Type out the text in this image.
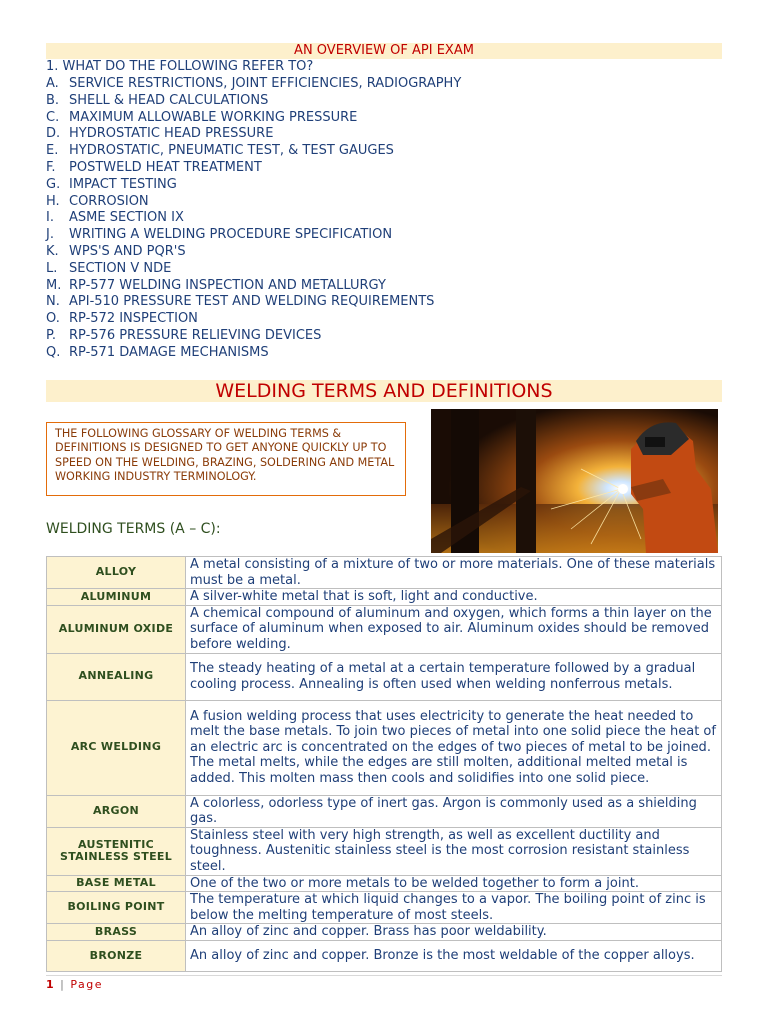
AN OVERVIEW OF API EXAM
1. WHAT DO THE FOLLOWING REFER TO?
A. SERVICE RESTRICTIONS, JOINT EFFICIENCIES, RADIOGRAPHY
B. SHELL & HEAD CALCULATIONS
C. MAXIMUM ALLOWABLE WORKING PRESSURE
D. HYDROSTATIC HEAD PRESSURE
E. HYDROSTATIC, PNEUMATIC TEST, & TEST GAUGES
F. POSTWELD HEAT TREATMENT
G. IMPACT TESTING
H. CORROSION
I. ASME SECTION IX
J. WRITING A WELDING PROCEDURE SPECIFICATION
K. WPS'S AND PQR'S
L. SECTION V NDE
M. RP-577 WELDING INSPECTION AND METALLURGY
N. API-510 PRESSURE TEST AND WELDING REQUIREMENTS
O. RP-572 INSPECTION
P. RP-576 PRESSURE RELIEVING DEVICES
Q. RP-571 DAMAGE MECHANISMS
WELDING TERMS AND DEFINITIONS
THE FOLLOWING GLOSSARY OF WELDING TERMS & DEFINITIONS IS DESIGNED TO GET ANYONE QUICKLY UP TO SPEED ON THE WELDING, BRAZING, SOLDERING AND METAL WORKING INDUSTRY TERMINOLOGY.
WELDING TERMS (A – C):
ALLOY	A metal consisting of a mixture of two or more materials. One of these materials must be a metal.
ALUMINUM	A silver-white metal that is soft, light and conductive.
ALUMINUM OXIDE	A chemical compound of aluminum and oxygen, which forms a thin layer on the surface of aluminum when exposed to air. Aluminum oxides should be removed before welding.
ANNEALING	The steady heating of a metal at a certain temperature followed by a gradual cooling process. Annealing is often used when welding nonferrous metals.
ARC WELDING	A fusion welding process that uses electricity to generate the heat needed to melt the base metals. To join two pieces of metal into one solid piece the heat of an electric arc is concentrated on the edges of two pieces of metal to be joined. The metal melts, while the edges are still molten, additional melted metal is added. This molten mass then cools and solidifies into one solid piece.
ARGON	A colorless, odorless type of inert gas. Argon is commonly used as a shielding gas.
AUSTENITIC STAINLESS STEEL	Stainless steel with very high strength, as well as excellent ductility and toughness. Austenitic stainless steel is the most corrosion resistant stainless steel.
BASE METAL	One of the two or more metals to be welded together to form a joint.
BOILING POINT	The temperature at which liquid changes to a vapor. The boiling point of zinc is below the melting temperature of most steels.
BRASS	An alloy of zinc and copper. Brass has poor weldability.
BRONZE	An alloy of zinc and copper. Bronze is the most weldable of the copper alloys.
1 | Page
